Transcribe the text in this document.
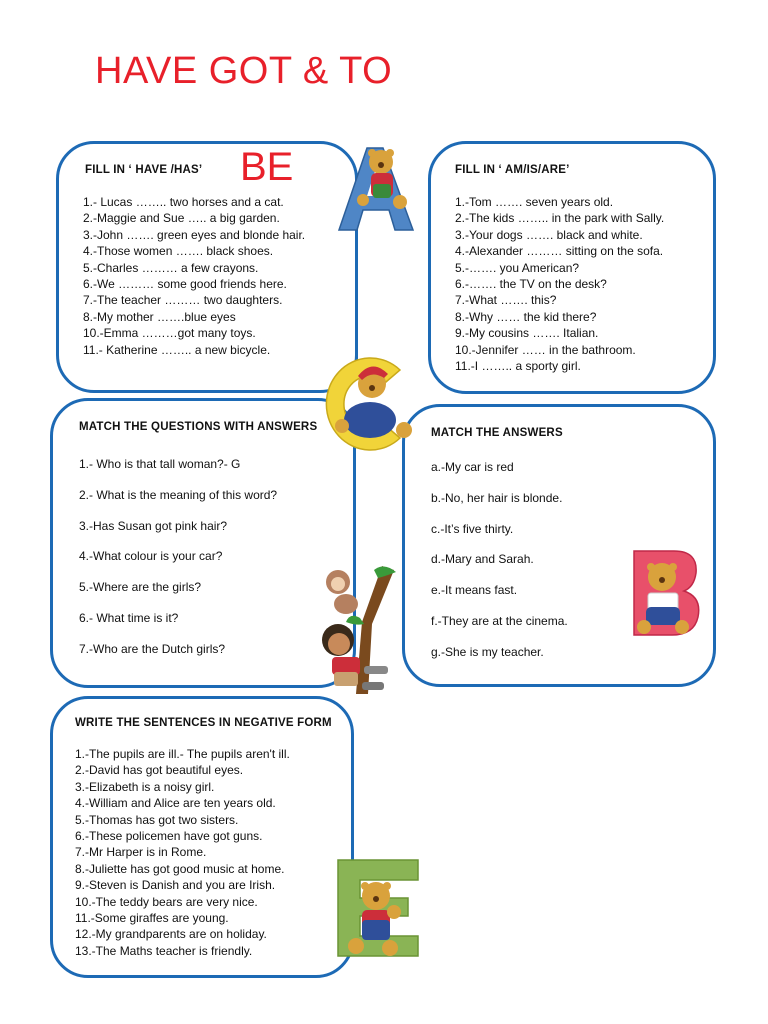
HAVE GOT & TO
FILL IN ‘ HAVE /HAS’
1.- Lucas …….. two horses and a cat.
2.-Maggie and Sue ….. a big garden.
3.-John ……. green eyes and blonde hair.
4.-Those women ……. black shoes.
5.-Charles ……… a few crayons.
6.-We ……… some good friends here.
7.-The teacher ……… two daughters.
8.-My mother …….blue eyes
10.-Emma ………got many toys.
11.- Katherine …….. a new bicycle.
BE	FILL IN ‘ AM/IS/ARE’
1.-Tom ……. seven years old.
2.-The kids …….. in the park with Sally.
3.-Your dogs ……. black and white.
4.-Alexander ……… sitting on the sofa.
5.-……. you American?
6.-……. the TV on the desk?
7.-What ……. this?
8.-Why …… the kid there?
9.-My cousins ……. Italian.
10.-Jennifer …… in the bathroom.
11.-I …….. a sporty girl.
MATCH THE QUESTIONS WITH ANSWERS
1.- Who is that tall woman?- G
2.- What is the meaning of this word?
3.-Has Susan got pink hair?
4.-What colour is your car?
5.-Where are the girls?
6.- What time is it?
7.-Who are the Dutch girls?
MATCH THE ANSWERS
a.-My car is red
b.-No, her hair is blonde.
c.-It’s five thirty.
d.-Mary and Sarah.
e.-It means fast.
f.-They are at the cinema.
g.-She is my teacher.
WRITE THE SENTENCES IN NEGATIVE FORM
1.-The pupils are ill.- The pupils aren't ill.
2.-David has got beautiful eyes.
3.-Elizabeth is a noisy girl.
4.-William and Alice are ten years old.
5.-Thomas has got two sisters.
6.-These policemen have got guns.
7.-Mr Harper is in Rome.
8.-Juliette has got good music at home.
9.-Steven is Danish and you are Irish.
10.-The teddy bears are very nice.
11.-Some giraffes are young.
12.-My grandparents are on holiday.
13.-The Maths teacher is friendly.
